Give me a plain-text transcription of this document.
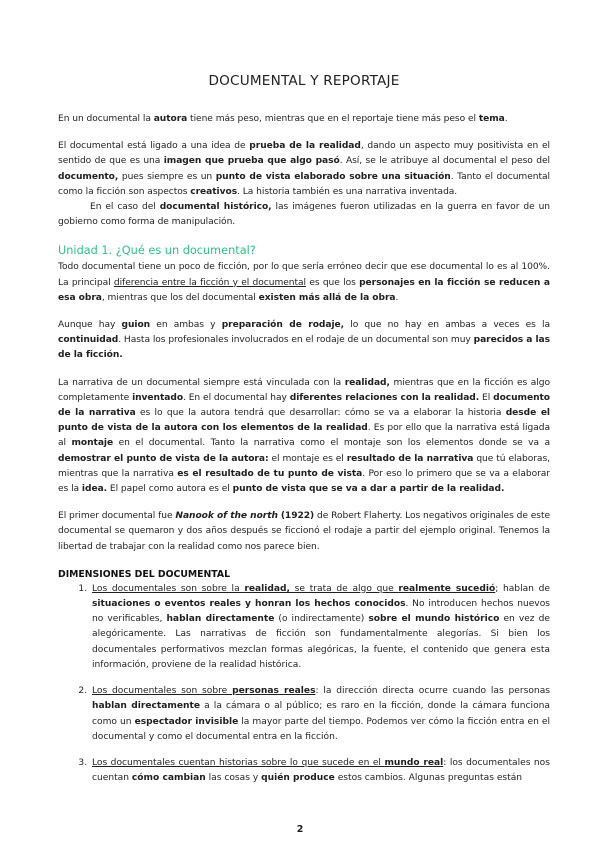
DOCUMENTAL Y REPORTAJE

En un documental la autora tiene más peso, mientras que en el reportaje tiene más peso el tema.

El documental está ligado a una idea de prueba de la realidad, dando un aspecto muy positivista en el sentido de que es una imagen que prueba que algo pasó. Así, se le atribuye al documental el peso del documento, pues siempre es un punto de vista elaborado sobre una situación. Tanto el documental como la ficción son aspectos creativos. La historia también es una narrativa inventada.

En el caso del documental histórico, las imágenes fueron utilizadas en la guerra en favor de un gobierno como forma de manipulación.

Unidad 1. ¿Qué es un documental?

Todo documental tiene un poco de ficción, por lo que sería erróneo decir que ese documental lo es al 100%. La principal diferencia entre la ficción y el documental es que los personajes en la ficción se reducen a esa obra, mientras que los del documental existen más allá de la obra.

Aunque hay guion en ambas y preparación de rodaje, lo que no hay en ambas a veces es la continuidad. Hasta los profesionales involucrados en el rodaje de un documental son muy parecidos a las de la ficción.

La narrativa de un documental siempre está vinculada con la realidad, mientras que en la ficción es algo completamente inventado. En el documental hay diferentes relaciones con la realidad. El documento de la narrativa es lo que la autora tendrá que desarrollar: cómo se va a elaborar la historia desde el punto de vista de la autora con los elementos de la realidad. Es por ello que la narrativa está ligada al montaje en el documental. Tanto la narrativa como el montaje son los elementos donde se va a demostrar el punto de vista de la autora: el montaje es el resultado de la narrativa que tú elaboras, mientras que la narrativa es el resultado de tu punto de vista. Por eso lo primero que se va a elaborar es la idea. El papel como autora es el punto de vista que se va a dar a partir de la realidad.

El primer documental fue Nanook of the north (1922) de Robert Flaherty. Los negativos originales de este documental se quemaron y dos años después se ficcionó el rodaje a partir del ejemplo original. Tenemos la libertad de trabajar con la realidad como nos parece bien.

DIMENSIONES DEL DOCUMENTAL
1. Los documentales son sobre la realidad, se trata de algo que realmente sucedió; hablan de situaciones o eventos reales y honran los hechos conocidos. No introducen hechos nuevos no verificables, hablan directamente (o indirectamente) sobre el mundo histórico en vez de alegóricamente. Las narrativas de ficción son fundamentalmente alegorías. Si bien los documentales performativos mezclan formas alegóricas, la fuente, el contenido que genera esta información, proviene de la realidad histórica.
2. Los documentales son sobre personas reales: la dirección directa ocurre cuando las personas hablan directamente a la cámara o al público; es raro en la ficción, donde la cámara funciona como un espectador invisible la mayor parte del tiempo. Podemos ver cómo la ficción entra en el documental y como el documental entra en la ficción.
3. Los documentales cuentan historias sobre lo que sucede en el mundo real: los documentales nos cuentan cómo cambian las cosas y quién produce estos cambios. Algunas preguntas están
2
